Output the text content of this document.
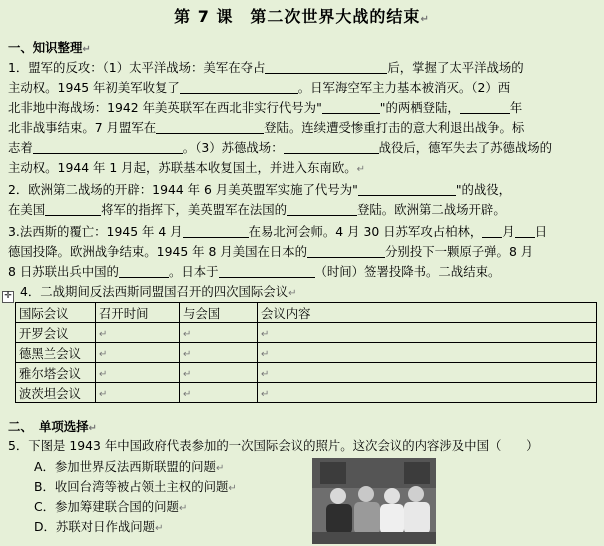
第 7 课　第二次世界大战的结束↵
一、知识整理↵
1．盟军的反攻：（1）太平洋战场：美军在夺占	后，掌握了太平洋战场的
主动权。1945 年初美军收复了	。日军海空军主力基本被消灭。（2）西
北非地中海战场：1942 年美英联军在西北非实行代号为"	"的两栖登陆，	年
北非战事结束。7 月盟军在	登陆。连续遭受惨重打击的意大利退出战争。标
志着	。（3）苏德战场：	战役后，德军失去了苏德战场的
主动权。1944 年 1 月起，苏联基本收复国土，并进入东南欧。↵
2．欧洲第二战场的开辟：1944 年 6 月美英盟军实施了代号为"	"的战役，
在美国	将军的指挥下，美英盟军在法国的	登陆。欧洲第二战场开辟。
3.法西斯的覆亡：1945 年 4 月	在易北河会师。4 月 30 日苏军攻占柏林， 月 日
德国投降。欧洲战争结束。1945 年 8 月美国在日本的	分别投下一颗原子弹。8 月
8 日苏联出兵中国的	。日本于	（时间）签署投降书。二战结束。
✛ 4．二战期间反法西斯同盟国召开的四次国际会议↵
国际会议	召开时间	与会国	会议内容
开罗会议	↵	↵	↵
德黑兰会议	↵	↵	↵
雅尔塔会议	↵	↵	↵
波茨坦会议	↵	↵	↵
二、　单项选择↵
5．下图是 1943 年中国政府代表参加的一次国际会议的照片。这次会议的内容涉及中国（　　）
A．参加世界反法西斯联盟的问题↵
B．收回台湾等被占领土主权的问题↵
C．参加筹建联合国的问题↵
D．苏联对日作战问题↵
